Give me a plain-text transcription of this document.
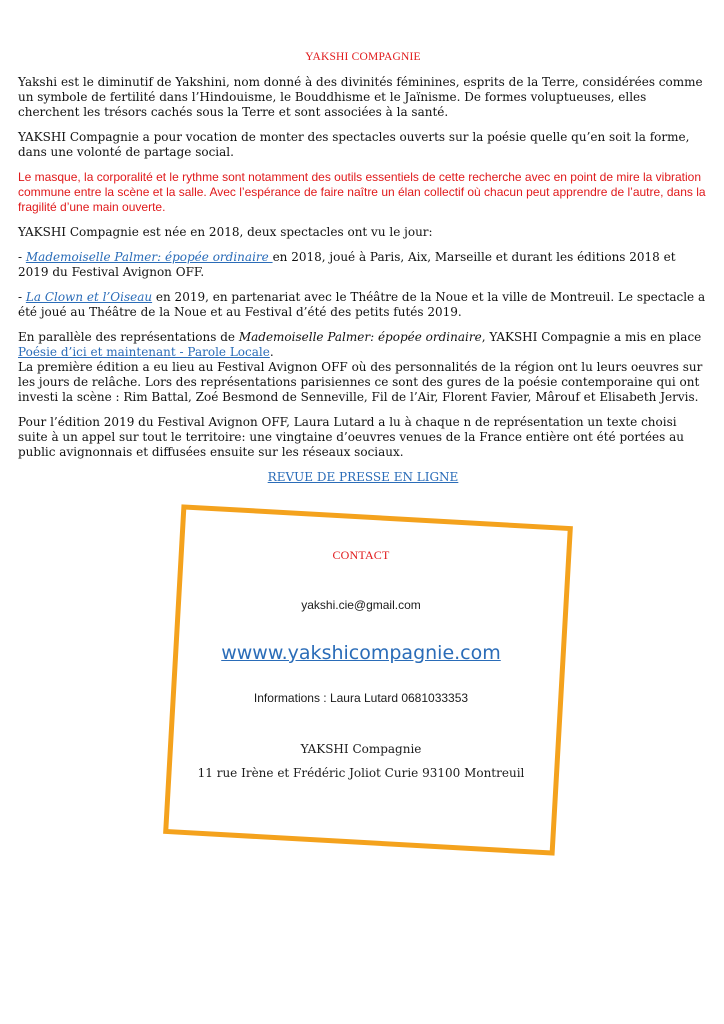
YAKSHI COMPAGNIE

Yakshi est le diminutif de Yakshini, nom donné à des divinités féminines, esprits de la Terre, considérées comme un symbole de fertilité dans l’Hindouisme, le Bouddhisme et le Jaïnisme. De formes voluptueuses, elles cherchent les trésors cachés sous la Terre et sont associées à la santé.

YAKSHI Compagnie a pour vocation de monter des spectacles ouverts sur la poésie quelle qu’en soit la forme, dans une volonté de partage social.

Le masque, la corporalité et le rythme sont notamment des outils essentiels de cette recherche avec en point de mire la vibration commune entre la scène et la salle. Avec l’espérance de faire naître un élan collectif où chacun peut apprendre de l’autre, dans la fragilité d’une main ouverte.

YAKSHI Compagnie est née en 2018, deux spectacles ont vu le jour:

- Mademoiselle Palmer: épopée ordinaire en 2018, joué à Paris, Aix, Marseille et durant les éditions 2018 et 2019 du Festival Avignon OFF.

- La Clown et l’Oiseau en 2019, en partenariat avec le Théâtre de la Noue et la ville de Montreuil. Le spectacle a été joué au Théâtre de la Noue et au Festival d’été des petits futés 2019.

En parallèle des représentations de Mademoiselle Palmer: épopée ordinaire, YAKSHI Compagnie a mis en place Poésie d’ici et maintenant - Parole Locale.
La première édition a eu lieu au Festival Avignon OFF où des personnalités de la région ont lu leurs oeuvres sur les jours de relâche. Lors des représentations parisiennes ce sont des gures de la poésie contemporaine qui ont investi la scène : Rim Battal, Zoé Besmond de Senneville, Fil de l’Air, Florent Favier, Mârouf et Elisabeth Jervis.

Pour l’édition 2019 du Festival Avignon OFF, Laura Lutard a lu à chaque n de représentation un texte choisi suite à un appel sur tout le territoire: une vingtaine d’oeuvres venues de la France entière ont été portées au public avignonnais et diffusées ensuite sur les réseaux sociaux.

REVUE DE PRESSE EN LIGNE
CONTACT
yakshi.cie@gmail.com
wwww.yakshicompagnie.com
Informations : Laura Lutard 0681033353
YAKSHI Compagnie
11 rue Irène et Frédéric Joliot Curie 93100 Montreuil
